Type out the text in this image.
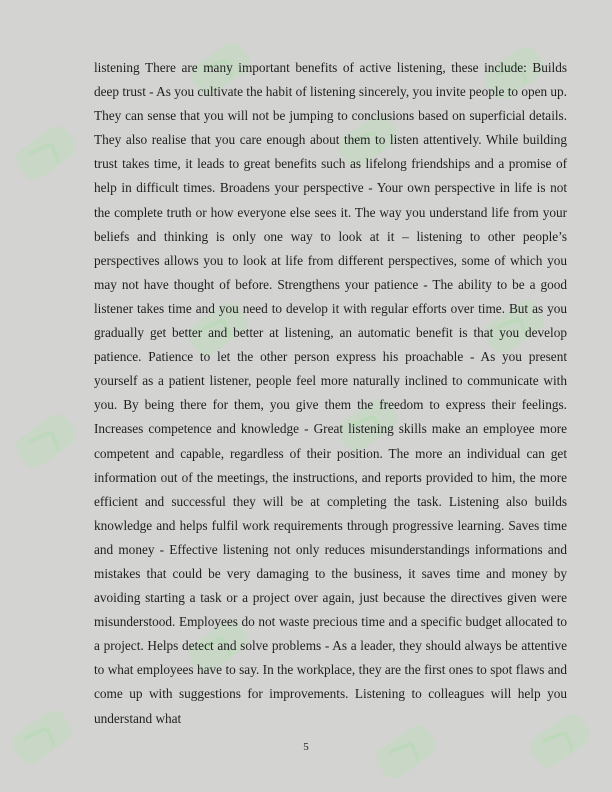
listening There are many important benefits of active listening, these include: Builds deep trust - As you cultivate the habit of listening sincerely, you invite people to open up. They can sense that you will not be jumping to conclusions based on superficial details. They also realise that you care enough about them to listen attentively. While building trust takes time, it leads to great benefits such as lifelong friendships and a promise of help in difficult times. Broadens your perspective - Your own perspective in life is not the complete truth or how everyone else sees it. The way you understand life from your beliefs and thinking is only one way to look at it – listening to other people’s perspectives allows you to look at life from different perspectives, some of which you may not have thought of before. Strengthens your patience - The ability to be a good listener takes time and you need to develop it with regular efforts over time. But as you gradually get better and better at listening, an automatic benefit is that you develop patience. Patience to let the other person express his proachable - As you present yourself as a patient listener, people feel more naturally inclined to communicate with you. By being there for them, you give them the freedom to express their feelings. Increases competence and knowledge - Great listening skills make an employee more competent and capable, regardless of their position. The more an individual can get information out of the meetings, the instructions, and reports provided to him, the more efficient and successful they will be at completing the task. Listening also builds knowledge and helps fulfil work requirements through progressive learning. Saves time and money - Effective listening not only reduces misunderstandings informations and mistakes that could be very damaging to the business, it saves time and money by avoiding starting a task or a project over again, just because the directives given were misunderstood. Employees do not waste precious time and a specific budget allocated to a project. Helps detect and solve problems - As a leader, they should always be attentive to what employees have to say. In the workplace, they are the first ones to spot flaws and come up with suggestions for improvements. Listening to colleagues will help you understand what

5
